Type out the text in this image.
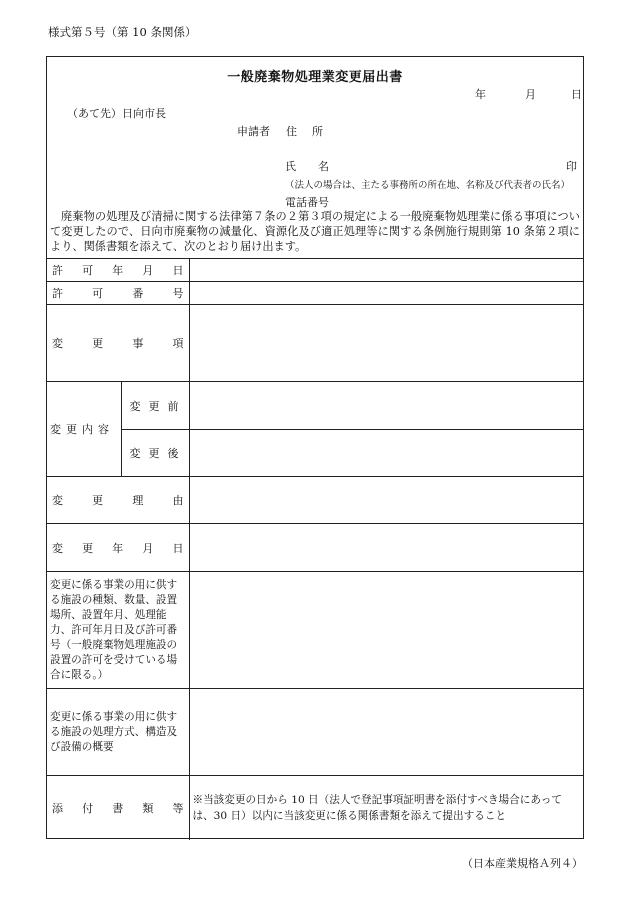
様式第５号（第 10 条関係）
一般廃棄物処理業変更届出書
年	月	日
（あて先）日向市長
申請者 住所
氏名	印
（法人の場合は、主たる事務所の所在地、名称及び代表者の氏名）
電話番号
廃棄物の処理及び清掃に関する法律第７条の２第３項の規定による一般廃棄物処理業に係る事項について変更したので、日向市廃棄物の減量化、資源化及び適正処理等に関する条例施行規則第 10 条第２項により、関係書類を添えて、次のとおり届け出ます。
許 可 年 月 日		

許 可 番 号		

変 更 事 項		

変更内容	変更前	

	変更後	

変 更 理 由		

変 更 年 月 日		

変更に係る事業の用に供する施設の種類、数量、設置場所、設置年月、処理能力、許可年月日及び許可番号（一般廃棄物処理施設の設置の許可を受けている場合に限る。）		

変更に係る事業の用に供する施設の処理方式、構造及び設備の概要		

添 付 書 類 等		※当該変更の日から 10 日（法人で登記事項証明書を添付すべき場合にあっては、30 日）以内に当該変更に係る関係書類を添えて提出すること
（日本産業規格Ａ列４）
